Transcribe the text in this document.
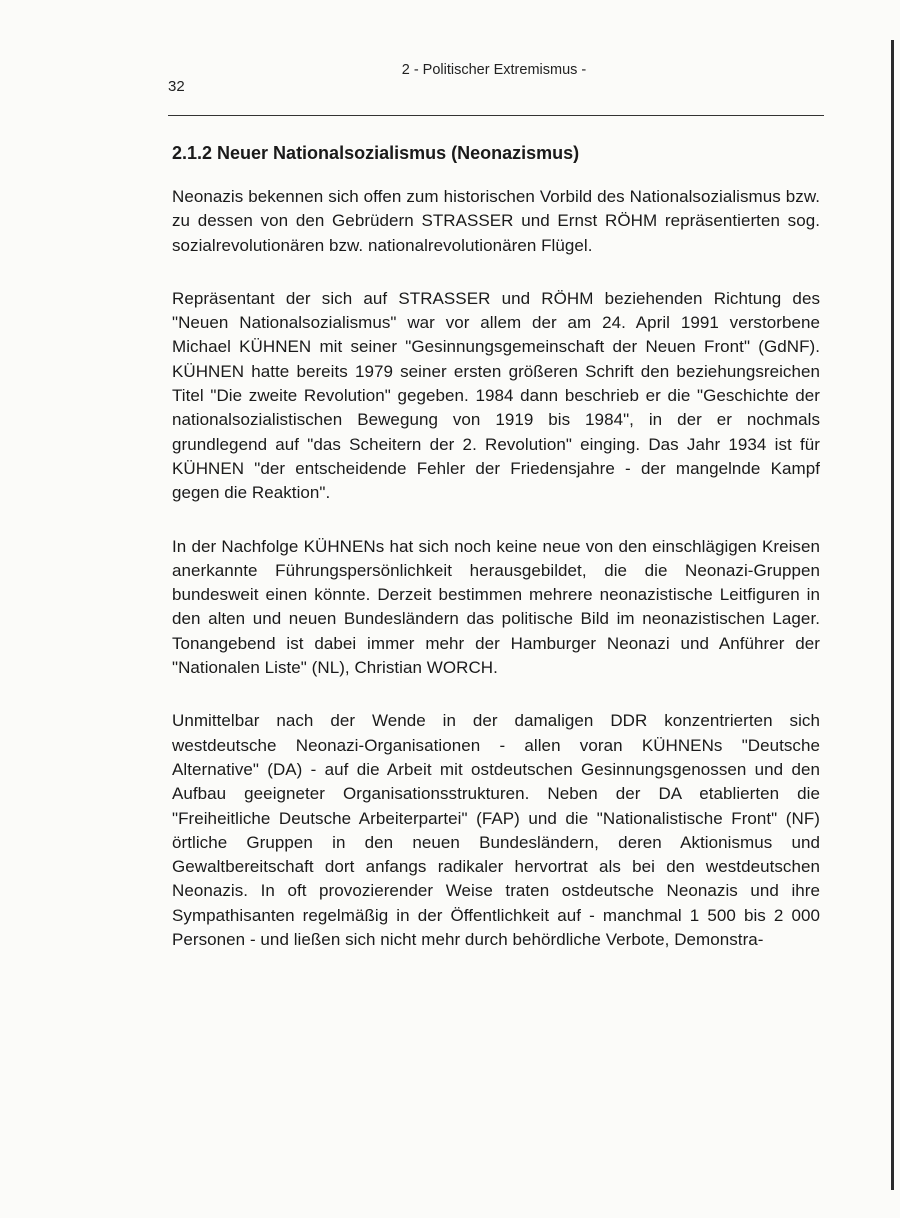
32
2 - Politischer Extremismus -
2.1.2 Neuer Nationalsozialismus (Neonazismus)

Neonazis bekennen sich offen zum historischen Vorbild des Nationalsozialismus bzw. zu dessen von den Gebrüdern STRASSER und Ernst RÖHM repräsentierten sog. sozialrevolutionären bzw. nationalrevolutionären Flügel.

Repräsentant der sich auf STRASSER und RÖHM beziehenden Richtung des "Neuen Nationalsozialismus" war vor allem der am 24. April 1991 verstorbene Michael KÜHNEN mit seiner "Gesinnungsgemeinschaft der Neuen Front" (GdNF). KÜHNEN hatte bereits 1979 seiner ersten größeren Schrift den beziehungsreichen Titel "Die zweite Revolution" gegeben. 1984 dann beschrieb er die "Geschichte der nationalsozialistischen Bewegung von 1919 bis 1984", in der er nochmals grundlegend auf "das Scheitern der 2. Revolution" einging. Das Jahr 1934 ist für KÜHNEN "der entscheidende Fehler der Friedensjahre - der mangelnde Kampf gegen die Reaktion".

In der Nachfolge KÜHNENs hat sich noch keine neue von den einschlägigen Kreisen anerkannte Führungspersönlichkeit herausgebildet, die die Neonazi-Gruppen bundesweit einen könnte. Derzeit bestimmen mehrere neonazistische Leitfiguren in den alten und neuen Bundesländern das politische Bild im neonazistischen Lager. Tonangebend ist dabei immer mehr der Hamburger Neonazi und Anführer der "Nationalen Liste" (NL), Christian WORCH.

Unmittelbar nach der Wende in der damaligen DDR konzentrierten sich westdeutsche Neonazi-Organisationen - allen voran KÜHNENs "Deutsche Alternative" (DA) - auf die Arbeit mit ostdeutschen Gesinnungsgenossen und den Aufbau geeigneter Organisationsstrukturen. Neben der DA etablierten die "Freiheitliche Deutsche Arbeiterpartei" (FAP) und die "Nationalistische Front" (NF) örtliche Gruppen in den neuen Bundesländern, deren Aktionismus und Gewaltbereitschaft dort anfangs radikaler hervortrat als bei den westdeutschen Neonazis. In oft provozierender Weise traten ostdeutsche Neonazis und ihre Sympathisanten regelmäßig in der Öffentlichkeit auf - manchmal 1 500 bis 2 000 Personen - und ließen sich nicht mehr durch behördliche Verbote, Demonstra-
